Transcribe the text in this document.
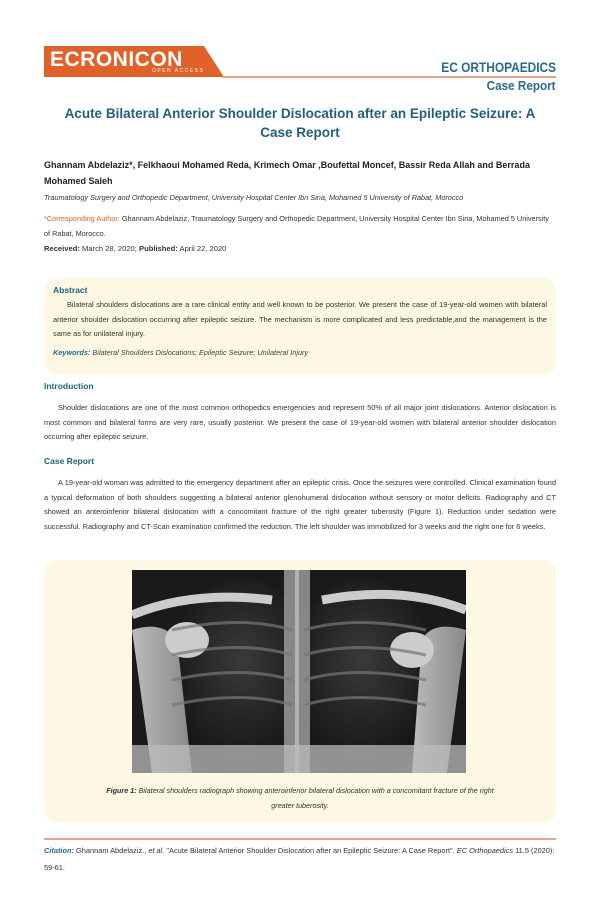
ECRONICON
OPEN ACCESS	EC ORTHOPAEDICS
Case Report
Acute Bilateral Anterior Shoulder Dislocation after an Epileptic Seizure: A Case Report
Ghannam Abdelaziz*, Felkhaoui Mohamed Reda, Krimech Omar ,Boufettal Moncef, Bassir Reda Allah and Berrada Mohamed Saleh
Traumatology Surgery and Orthopedic Department, University Hospital Center Ibn Sina, Mohamed 5 University of Rabat, Morocco
*Corresponding Author: Ghannam Abdelaziz, Traumatology Surgery and Orthopedic Department, University Hospital Center Ibn Sina, Mohamed 5 University of Rabat, Morocco.
Received: March 28, 2020; Published: April 22, 2020
Abstract

Bilateral shoulders dislocations are a rare clinical entity and well known to be posterior. We present the case of 19-year-old women with bilateral anterior shoulder dislocation occurring after epileptic seizure. The mechanism is more complicated and less predictable,and the management is the same as for unilateral injury.

Keywords: Bilateral Shoulders Dislocations; Epileptic Seizure; Unilateral Injury
Introduction

Shoulder dislocations are one of the most common orthopedics emergencies and represent 50% of all major joint dislocations. Anterior dislocation is most common and bilateral forms are very rare, usually posterior. We present the case of 19-year-old women with bilateral anterior shoulder dislocation occurring after epileptic seizure.

Case Report

A 19-year-old woman was admitted to the emergency department after an epileptic crisis. Once the seizures were controlled. Clinical examination found a typical deformation of both shoulders suggesting a bilateral anterior glenohumeral dislocation without sensory or motor deficits. Radiography and CT showed an anteroinferior bilateral dislocation with a concomitant fracture of the right greater tuberosity (Figure 1). Reduction under sedation were successful. Radiography and CT-Scan examination confirmed the reduction. The left shoulder was immobilized for 3 weeks and the right one for 6 weeks.

Figure 1: Bilateral shoulders radiograph showing anteroinferior bilateral dislocation with a concomitant fracture of the right greater tuberosity.
Citation: Ghannam Abdelaziz., et al. "Acute Bilateral Anterior Shoulder Dislocation after an Epileptic Seizure: A Case Report". EC Orthopaedics 11.5 (2020): 59-61.
